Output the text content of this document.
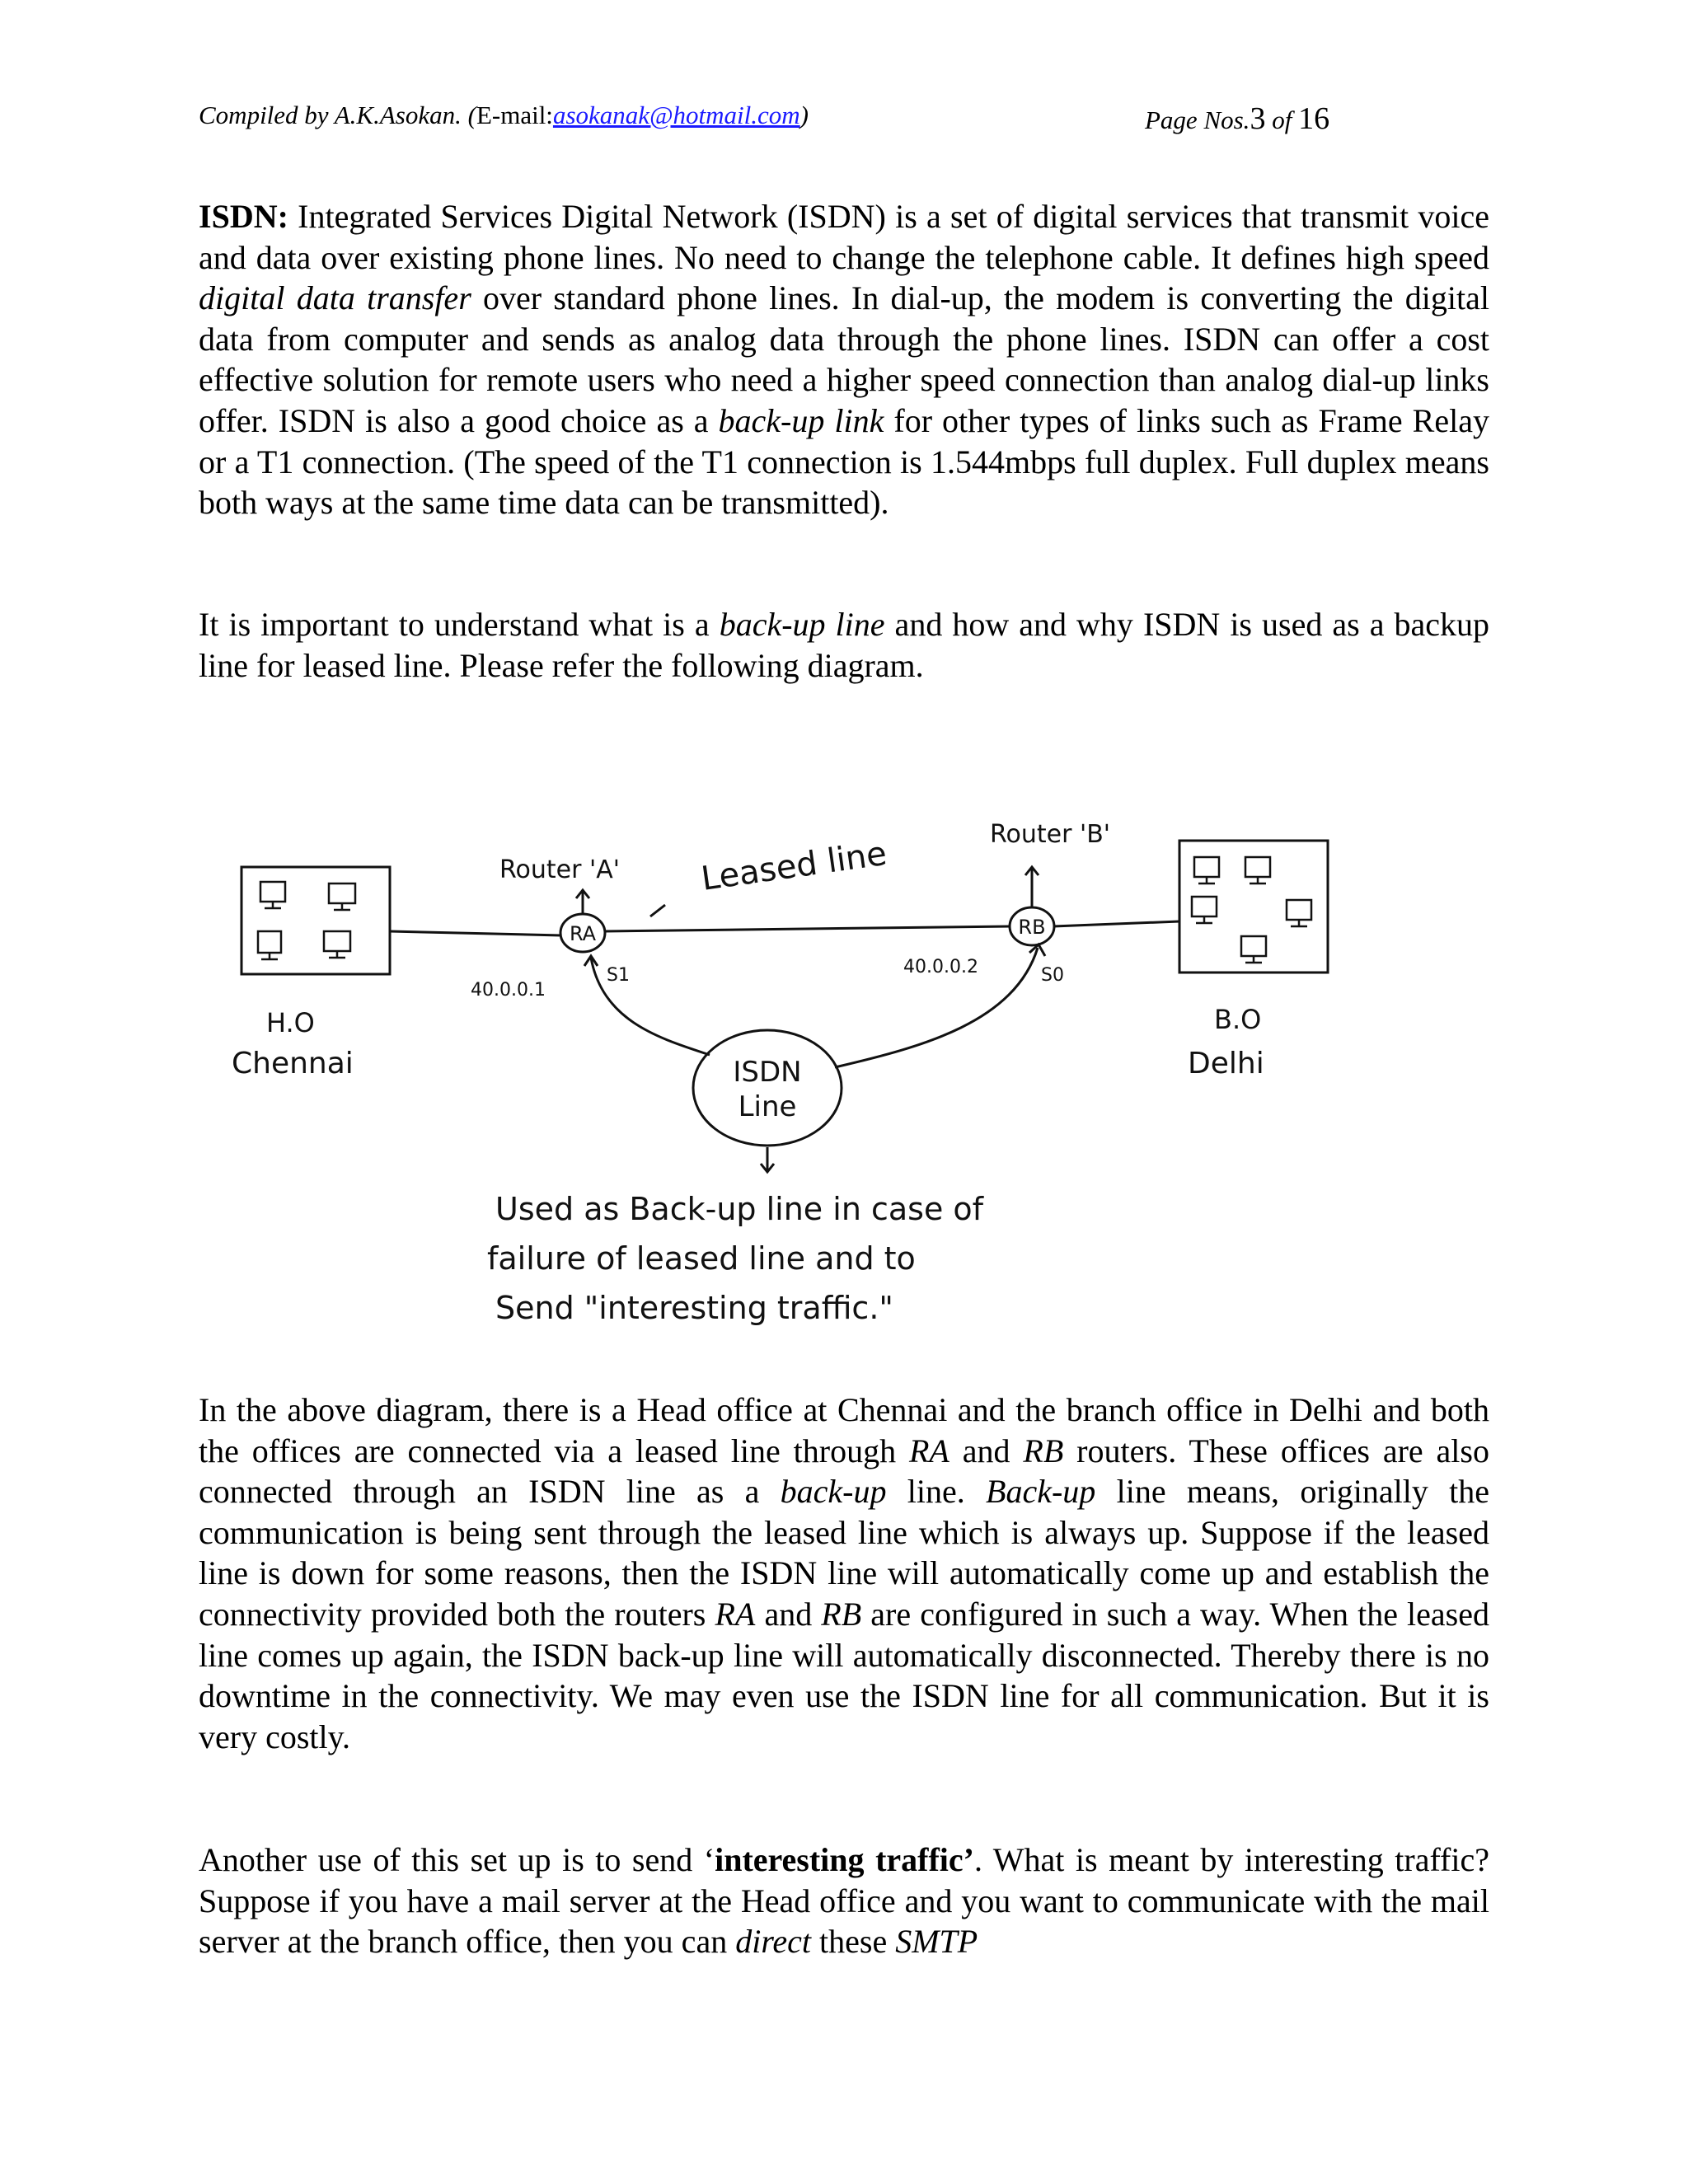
Compiled by A.K.Asokan. (E-mail:asokanak@hotmail.com)	Page Nos.3 of 16

ISDN: Integrated Services Digital Network (ISDN) is a set of digital services that transmit voice and data over existing phone lines. No need to change the telephone cable. It defines high speed digital data transfer over standard phone lines. In dial-up, the modem is converting the digital data from computer and sends as analog data through the phone lines. ISDN can offer a cost effective solution for remote users who need a higher speed connection than analog dial-up links offer. ISDN is also a good choice as a back-up link for other types of links such as Frame Relay or a T1 connection. (The speed of the T1 connection is 1.544mbps full duplex. Full duplex means both ways at the same time data can be transmitted).

It is important to understand what is a back-up line and how and why ISDN is used as a backup line for leased line. Please refer the following diagram.

Router 'A'
Router 'B'
RA	RB
Leased line
40.0.0.1
40.0.0.2
S1	S0
H.O
Chennai
B.O
Delhi
ISDN
Line
Used as Back-up line in case of
failure of leased line and to
Send "interesting traffic."

In the above diagram, there is a Head office at Chennai and the branch office in Delhi and both the offices are connected via a leased line through RA and RB routers. These offices are also connected through an ISDN line as a back-up line. Back-up line means, originally the communication is being sent through the leased line which is always up. Suppose if the leased line is down for some reasons, then the ISDN line will automatically come up and establish the connectivity provided both the routers RA and RB are configured in such a way. When the leased line comes up again, the ISDN back-up line will automatically disconnected. Thereby there is no downtime in the connectivity. We may even use the ISDN line for all communication. But it is very costly.

Another use of this set up is to send ‘interesting traffic’. What is meant by interesting traffic? Suppose if you have a mail server at the Head office and you want to communicate with the mail server at the branch office, then you can direct these SMTP
